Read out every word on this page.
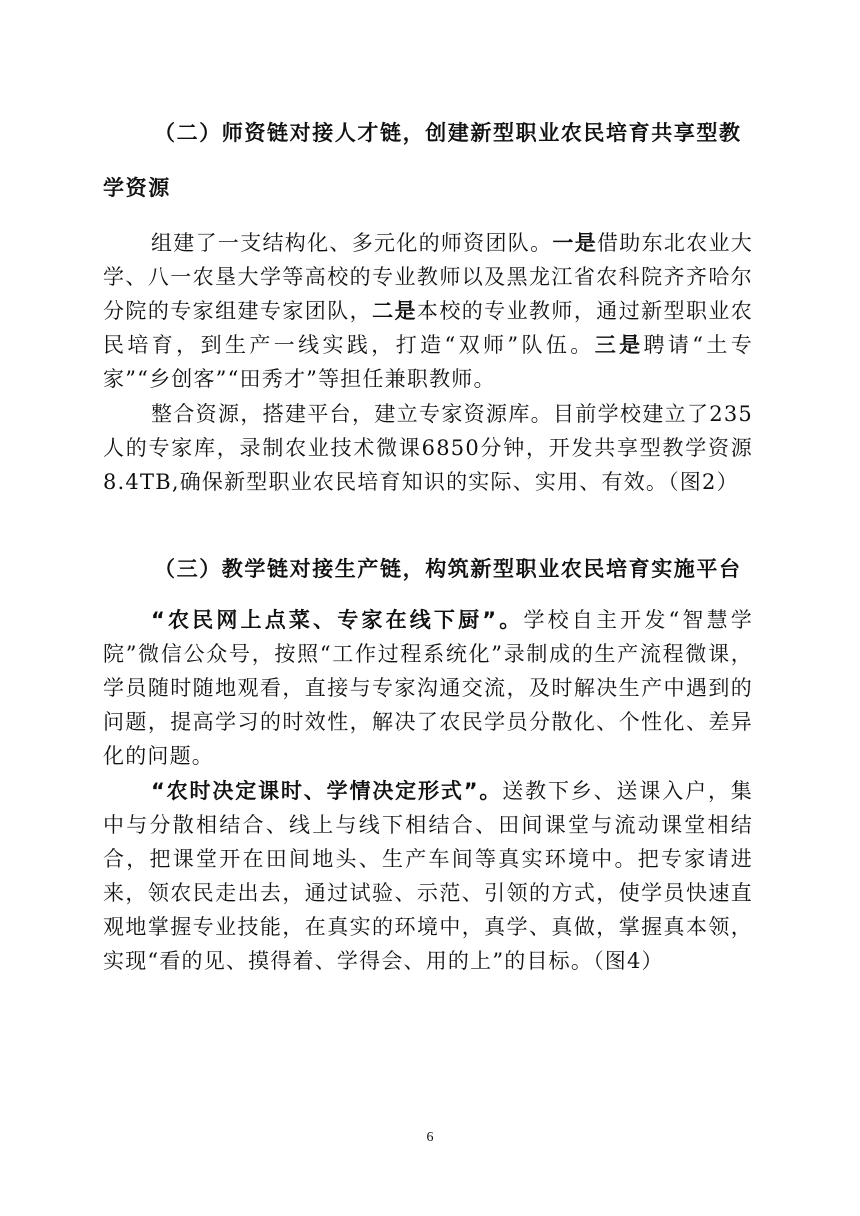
（二）师资链对接人才链，创建新型职业农民培育共享型教
学资源

组建了一支结构化、多元化的师资团队。一是借助东北农业大学、八一农垦大学等高校的专业教师以及黑龙江省农科院齐齐哈尔分院的专家组建专家团队，二是本校的专业教师，通过新型职业农民培育，到生产一线实践，打造“双师”队伍。三是聘请“土专家”“乡创客”“田秀才”等担任兼职教师。

整合资源，搭建平台，建立专家资源库。目前学校建立了235人的专家库，录制农业技术微课6850分钟，开发共享型教学资源8.4TB,确保新型职业农民培育知识的实际、实用、有效。（图2）

（三）教学链对接生产链，构筑新型职业农民培育实施平台

“农民网上点菜、专家在线下厨”。学校自主开发“智慧学院”微信公众号，按照“工作过程系统化”录制成的生产流程微课，学员随时随地观看，直接与专家沟通交流，及时解决生产中遇到的问题，提高学习的时效性，解决了农民学员分散化、个性化、差异化的问题。

“农时决定课时、学情决定形式”。送教下乡、送课入户，集中与分散相结合、线上与线下相结合、田间课堂与流动课堂相结合，把课堂开在田间地头、生产车间等真实环境中。把专家请进来，领农民走出去，通过试验、示范、引领的方式，使学员快速直观地掌握专业技能，在真实的环境中，真学、真做，掌握真本领，实现“看的见、摸得着、学得会、用的上”的目标。（图4）

6
